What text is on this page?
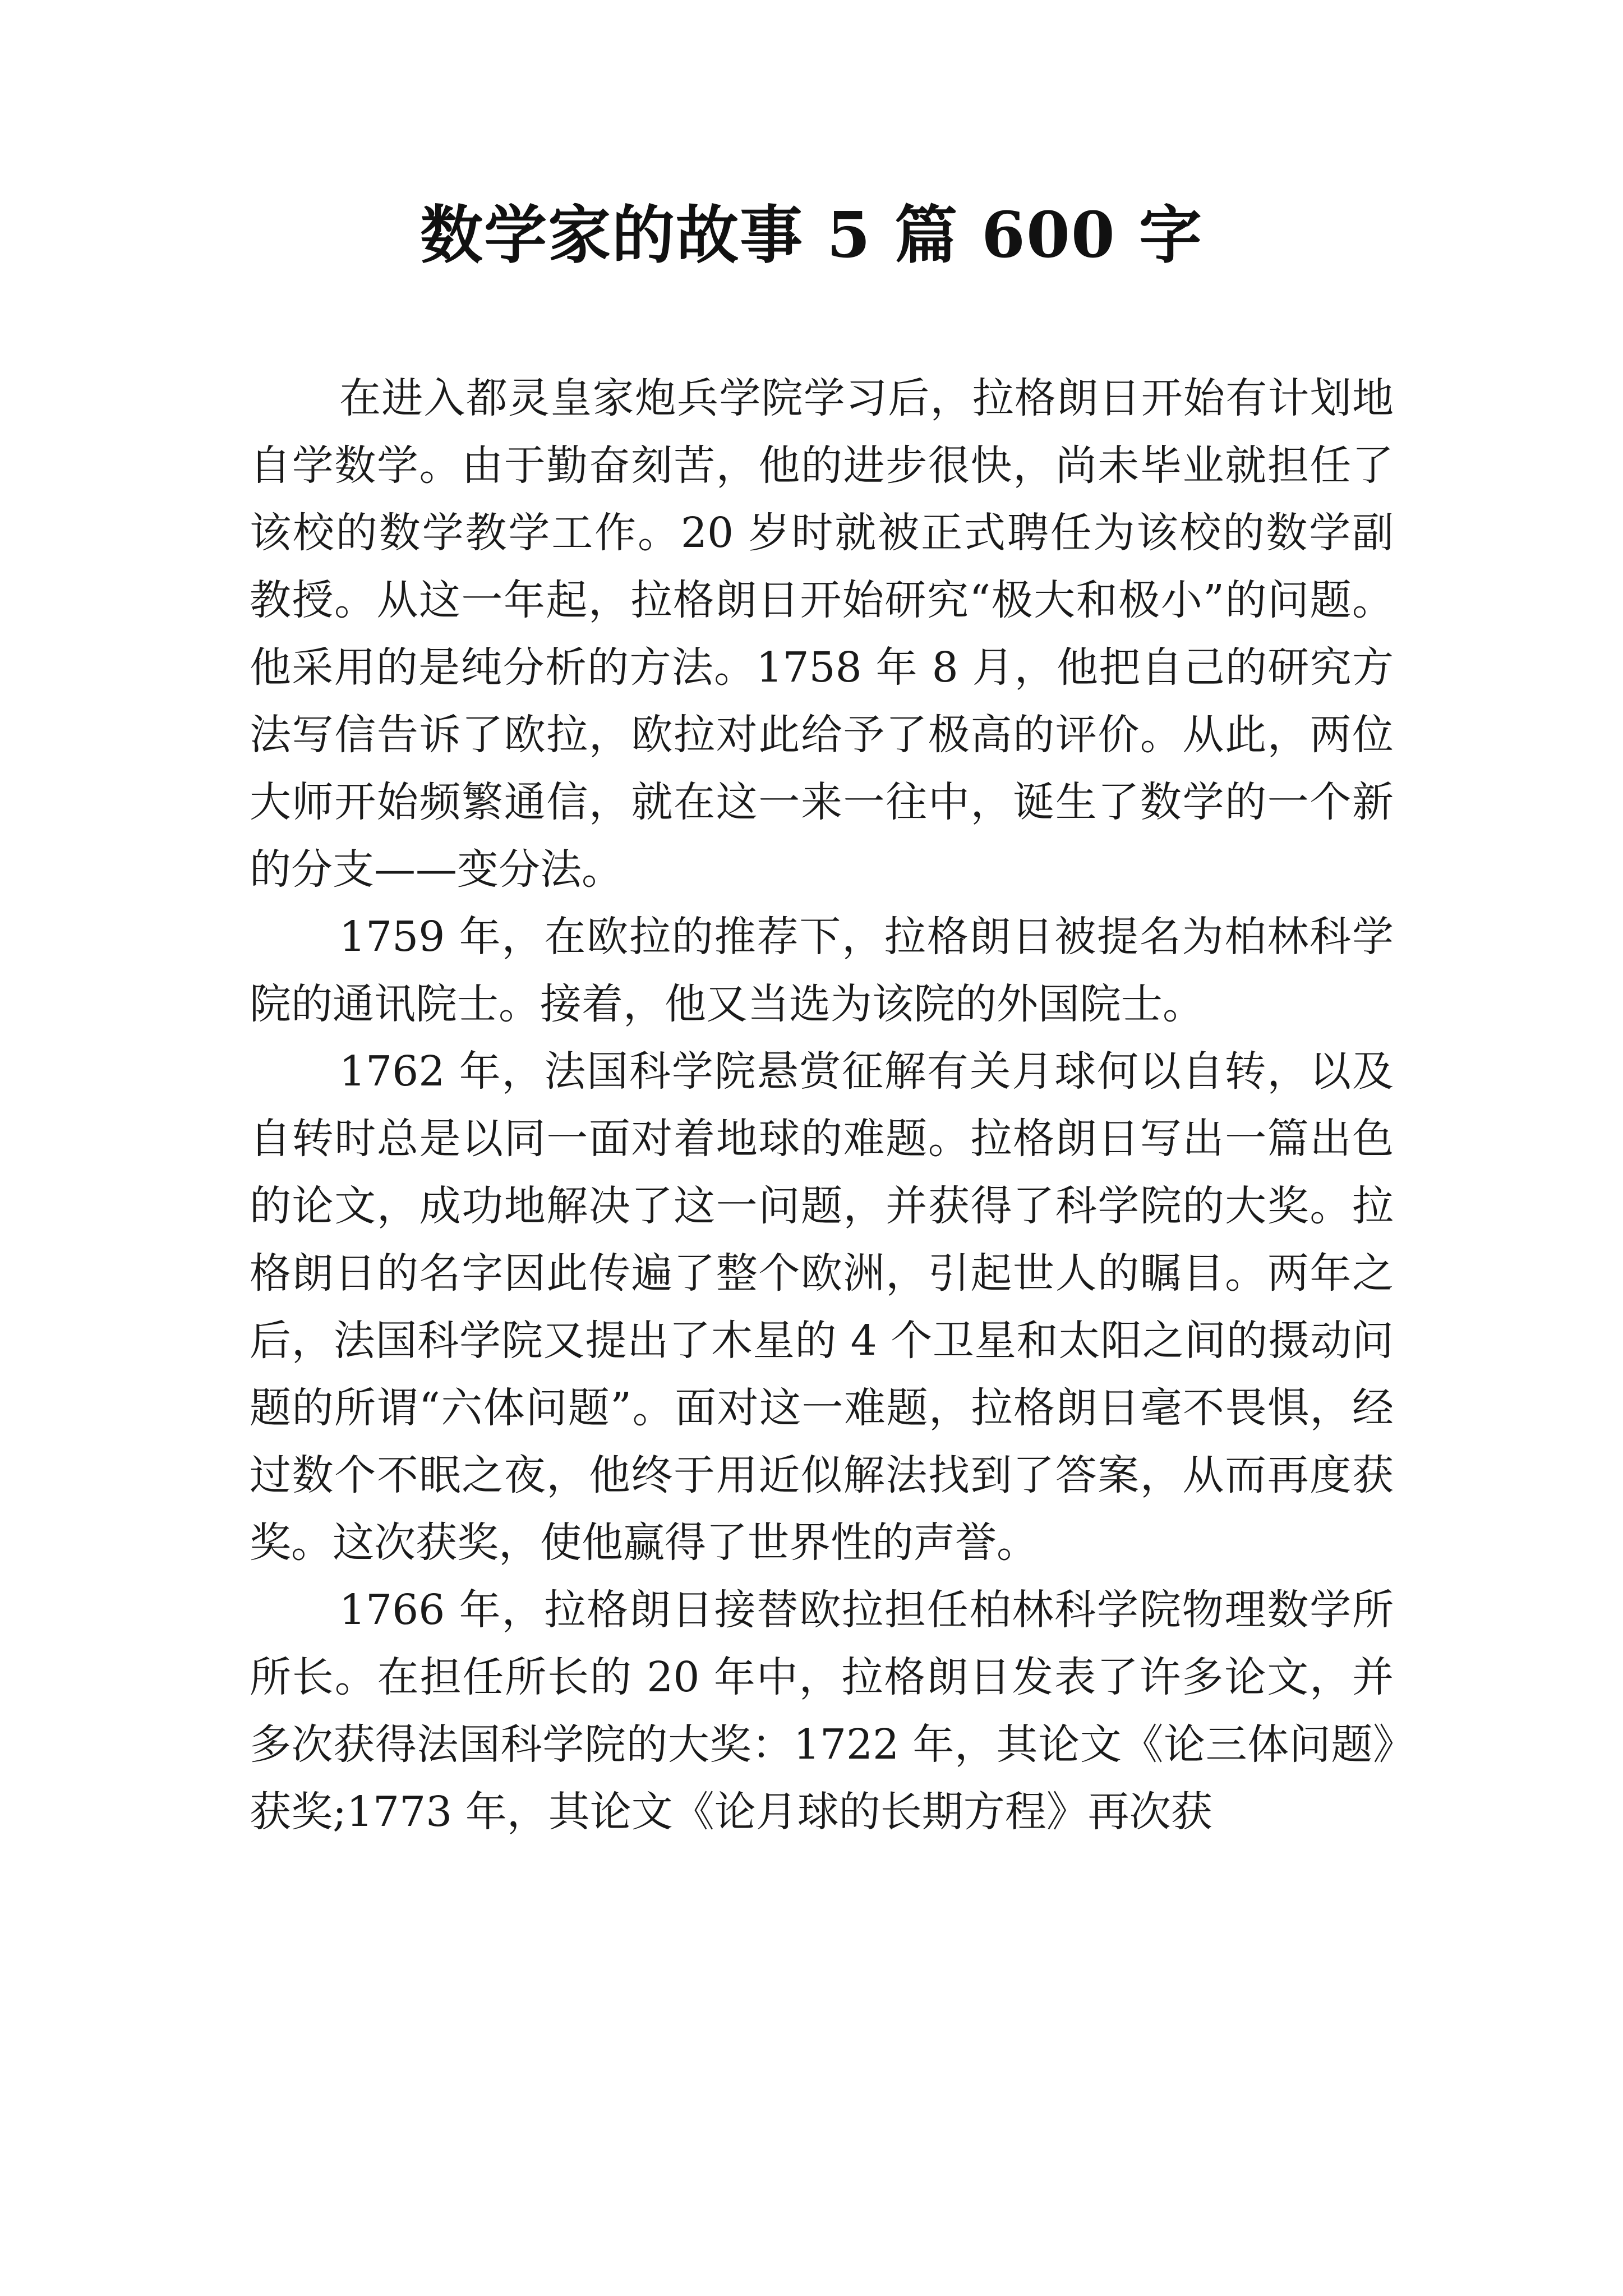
数学家的故事 5 篇 600 字

在进入都灵皇家炮兵学院学习后，拉格朗日开始有计划地自学数学。由于勤奋刻苦，他的进步很快，尚未毕业就担任了该校的数学教学工作。20 岁时就被正式聘任为该校的数学副教授。从这一年起，拉格朗日开始研究“极大和极小”的问题。他采用的是纯分析的方法。1758 年 8 月，他把自己的研究方法写信告诉了欧拉，欧拉对此给予了极高的评价。从此，两位大师开始频繁通信，就在这一来一往中，诞生了数学的一个新的分支——变分法。

1759 年，在欧拉的推荐下，拉格朗日被提名为柏林科学院的通讯院士。接着，他又当选为该院的外国院士。

1762 年，法国科学院悬赏征解有关月球何以自转，以及自转时总是以同一面对着地球的难题。拉格朗日写出一篇出色的论文，成功地解决了这一问题，并获得了科学院的大奖。拉格朗日的名字因此传遍了整个欧洲，引起世人的瞩目。两年之后，法国科学院又提出了木星的 4 个卫星和太阳之间的摄动问题的所谓“六体问题”。面对这一难题，拉格朗日毫不畏惧，经过数个不眠之夜，他终于用近似解法找到了答案，从而再度获奖。这次获奖，使他赢得了世界性的声誉。

1766 年，拉格朗日接替欧拉担任柏林科学院物理数学所所长。在担任所长的 20 年中，拉格朗日发表了许多论文，并多次获得法国科学院的大奖：1722 年，其论文《论三体问题》获奖;1773 年，其论文《论月球的长期方程》再次获
